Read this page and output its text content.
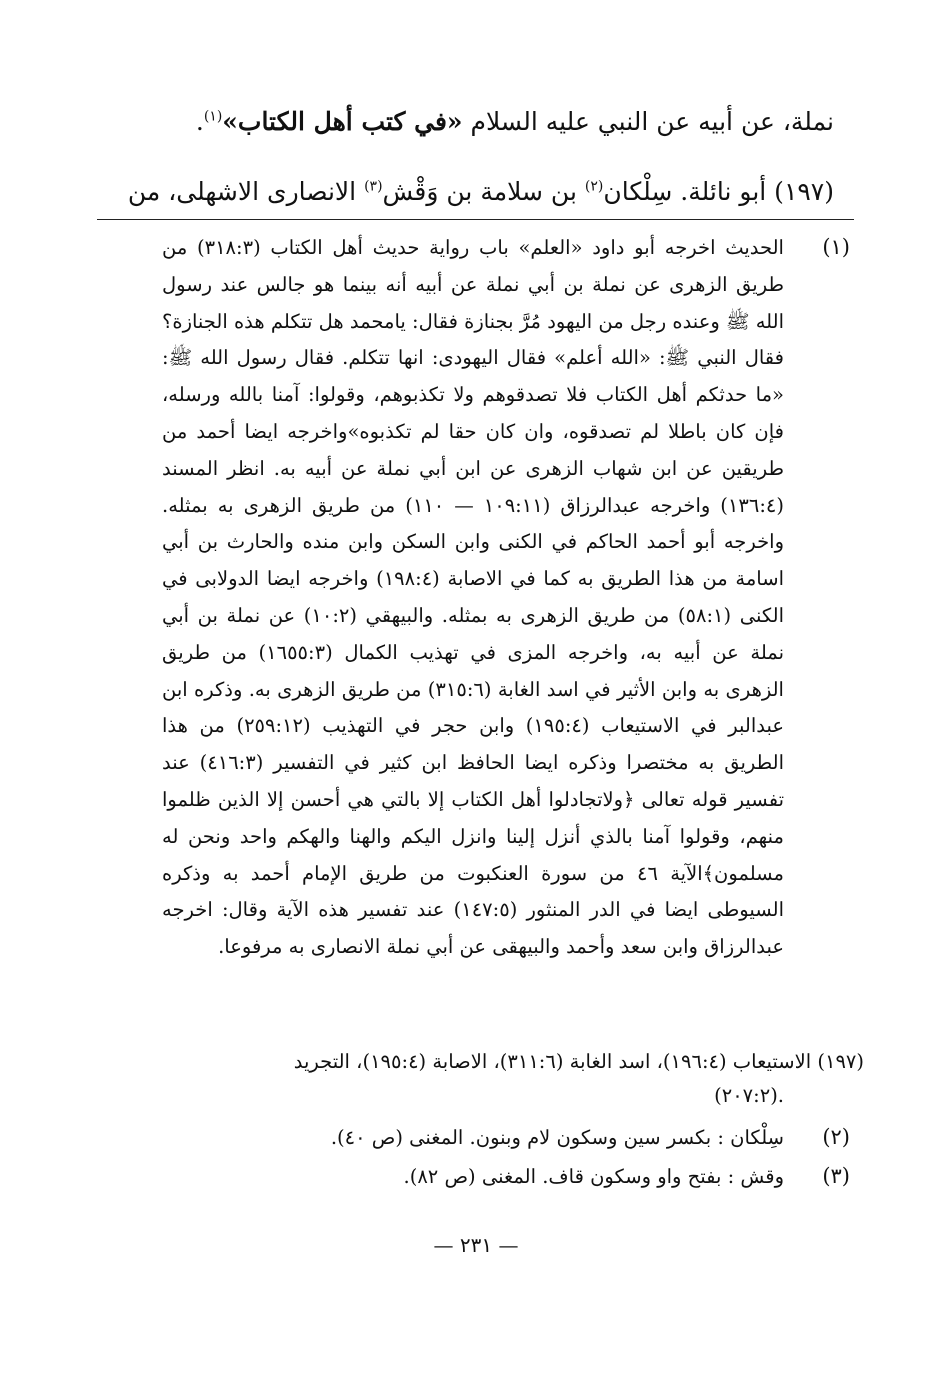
نملة، عن أبيه عن النبي عليه السلام «في كتب أهل الكتاب»$^{(١)}$.
(١٩٧) أبو نائلة. سِلْكان$^{(٢)}$ بن سلامة بن وَقْش$^{(٣)}$ الانصارى الاشهلى، من
(١)
الحديث اخرجه أبو داود «العلم» باب رواية حديث أهل الكتاب (٣١٨:٣) من طريق الزهرى عن نملة بن أبي نملة عن أبيه أنه بينما هو جالس عند رسول الله ﷺ وعنده رجل من اليهود مُرَّ بجنازة فقال: يامحمد هل تتكلم هذه الجنازة؟ فقال النبي ﷺ: «الله أعلم» فقال اليهودى: انها تتكلم. فقال رسول الله ﷺ: «ما حدثكم أهل الكتاب فلا تصدقوهم ولا تكذبوهم، وقولوا: آمنا بالله ورسله، فإن كان باطلا لم تصدقوه، وان كان حقا لم تكذبوه»واخرجه ايضا أحمد من طريقين عن ابن شهاب الزهرى عن ابن أبي نملة عن أبيه به. انظر المسند (١٣٦:٤) واخرجه عبدالرزاق (١٠٩:١١ — ١١٠) من طريق الزهرى به بمثله. واخرجه أبو أحمد الحاكم في الكنى وابن السكن وابن منده والحارث بن أبي اسامة من هذا الطريق به كما في الاصابة (١٩٨:٤) واخرجه ايضا الدولابى في الكنى (٥٨:١) من طريق الزهرى به بمثله. والبيهقي (١٠:٢) عن نملة بن أبي نملة عن أبيه به، واخرجه المزى في تهذيب الكمال (١٦٥٥:٣) من طريق الزهرى به وابن الأثير في اسد الغابة (٣١٥:٦) من طريق الزهرى به. وذكره ابن عبدالبر في الاستيعاب (١٩٥:٤) وابن حجر في التهذيب (٢٥٩:١٢) من هذا الطريق به مختصرا وذكره ايضا الحافظ ابن كثير في التفسير (٤١٦:٣) عند تفسير قوله تعالى ﴿ولاتجادلوا أهل الكتاب إلا بالتي هي أحسن إلا الذين ظلموا منهم، وقولوا آمنا بالذي أنزل إلينا وانزل اليكم والهنا والهكم واحد ونحن له مسلمون﴾الآية ٤٦ من سورة العنكبوت من طريق الإمام أحمد به وذكره السيوطى ايضا في الدر المنثور (١٤٧:٥) عند تفسير هذه الآية وقال: اخرجه عبدالرزاق وابن سعد وأحمد والبيهقى عن أبي نملة الانصارى به مرفوعا.
(١٩٧) الاستيعاب (١٩٦:٤)، اسد الغابة (٣١١:٦)، الاصابة (١٩٥:٤)، التجريد
.(٢٠٧:٢)
(٢)
سِلْكان : بكسر سين وسكون لام وبنون. المغنى (ص ٤٠).
(٣)
وقش : بفتح واو وسكون قاف. المغنى (ص ٨٢).
— ٢٣١ —
